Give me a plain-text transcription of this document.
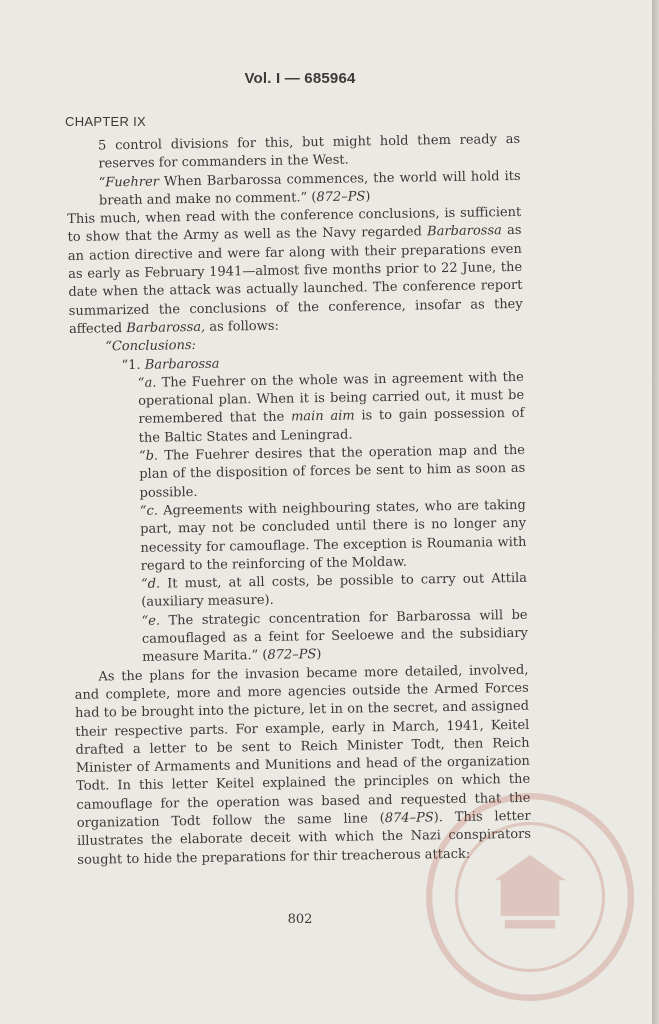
Vol. I — 685964
CHAPTER IX

5 control divisions for this, but might hold them ready as reserves for commanders in the West.

“Fuehrer When Barbarossa commences, the world will hold its breath and make no comment.” (872–PS)

This much, when read with the conference conclusions, is sufficient to show that the Army as well as the Navy regarded Barbarossa as an action directive and were far along with their preparations even as early as February 1941—almost five months prior to 22 June, the date when the attack was actually launched. The conference report summarized the conclusions of the conference, insofar as they affected Barbarossa, as follows:

“Conclusions:

“1. Barbarossa

“a. The Fuehrer on the whole was in agreement with the operational plan. When it is being carried out, it must be remembered that the main aim is to gain possession of the Baltic States and Leningrad.

“b. The Fuehrer desires that the operation map and the plan of the disposition of forces be sent to him as soon as possible.

“c. Agreements with neighbouring states, who are taking part, may not be concluded until there is no longer any necessity for camouflage. The exception is Roumania with regard to the reinforcing of the Moldaw.

“d. It must, at all costs, be possible to carry out Attila (auxiliary measure).

“e. The strategic concentration for Barbarossa will be camouflaged as a feint for Seeloewe and the subsidiary measure Marita.” (872–PS)

As the plans for the invasion became more detailed, involved, and complete, more and more agencies outside the Armed Forces had to be brought into the picture, let in on the secret, and assigned their respective parts. For example, early in March, 1941, Keitel drafted a letter to be sent to Reich Minister Todt, then Reich Minister of Armaments and Munitions and head of the organization Todt. In this letter Keitel explained the principles on which the camouflage for the operation was based and requested that the organization Todt follow the same line (874–PS). This letter illustrates the elaborate deceit with which the Nazi conspirators sought to hide the preparations for thir treacherous attack:

802
